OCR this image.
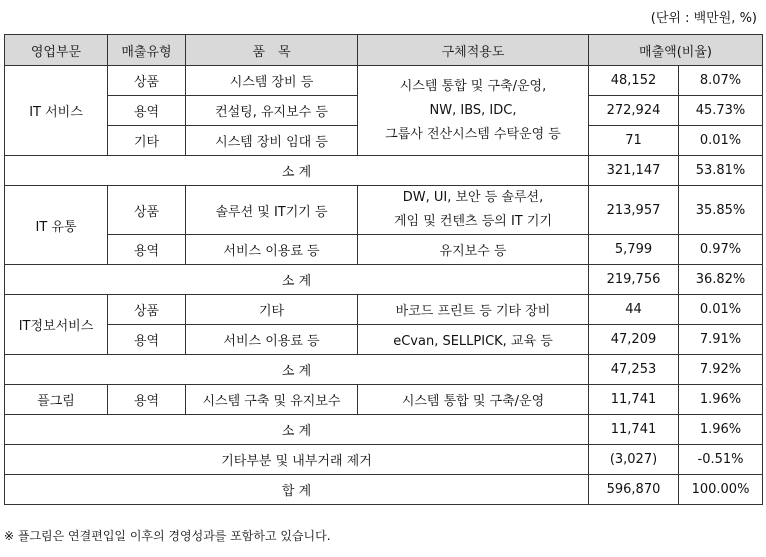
(단위 : 백만원, %)
영업부문	매출유형	품　목	구체적용도	매출액(비율)	
IT 서비스	상품	시스템 장비 등	시스템 통합 및 구축/운영,
NW, IBS, IDC,
그룹사 전산시스템 수탁운영 등	48,152	8.07%
	용역	컨설팅, 유지보수 등		272,924	45.73%
	기타	시스템 장비 임대 등		71	0.01%
소 계				321,147	53.81%
IT 유통	상품	솔루션 및 IT기기 등	DW, UI, 보안 등 솔루션,
게임 및 컨텐츠 등의 IT 기기	213,957	35.85%
	용역	서비스 이용료 등	유지보수 등	5,799	0.97%
소 계				219,756	36.82%
IT정보서비스	상품	기타	바코드 프린트 등 기타 장비	44	0.01%
	용역	서비스 이용료 등	eCvan, SELLPICK, 교육 등	47,209	7.91%
소 계				47,253	7.92%
플그림	용역	시스템 구축 및 유지보수	시스템 통합 및 구축/운영	11,741	1.96%
소 계				11,741	1.96%
기타부분 및 내부거래 제거				(3,027)	-0.51%
합 계				596,870	100.00%
※ 플그림은 연결편입일 이후의 경영성과를 포함하고 있습니다.
